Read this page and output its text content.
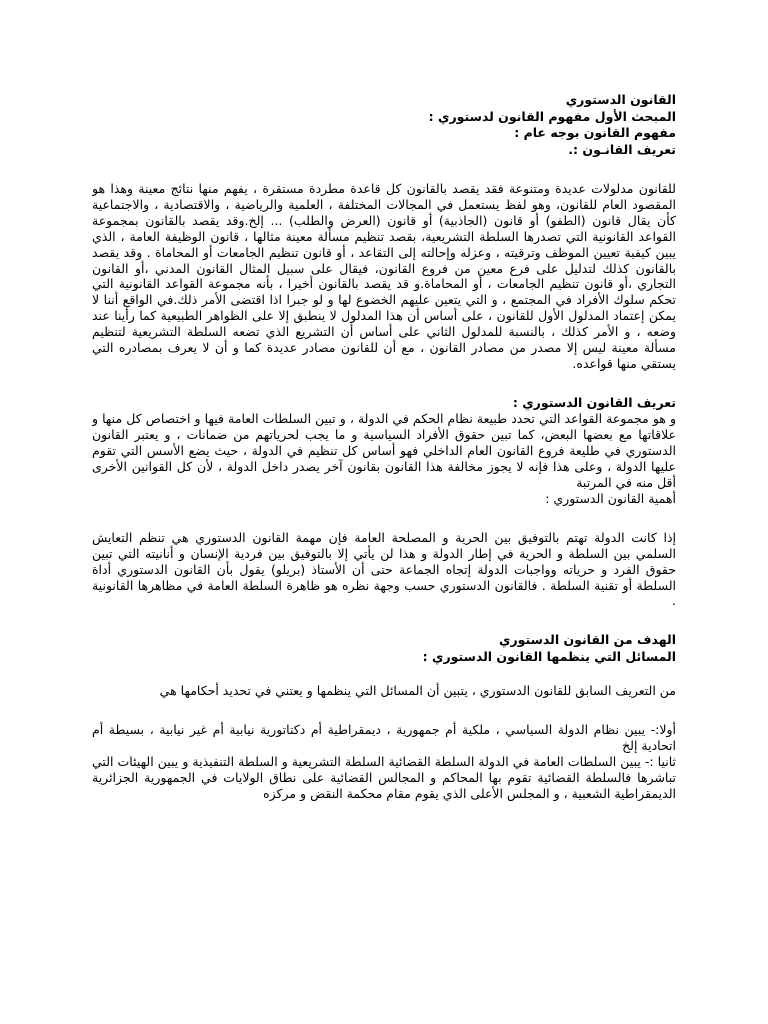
القانون الدستوري

المبحث الأول مفهوم القانون لدستوري :

مفهوم القانون بوجه عام :

تعريف القانـون :.

للقانون مدلولات عديدة ومتنوعة فقد يقصد بالقانون كل قاعدة مطردة مستقرة ، يفهم منها نتائج معينة وهذا هو المقصود العام للقانون، وهو لفظ يستعمل في المجالات المختلفة ، العلمية والرياضية ، والاقتصادية ، والاجتماعية كأن يقال قانون (الطفو) أو قانون (الجاذبية) أو قانون (العرض والطلب) ... إلخ.وقد يقصد بالقانون بمجموعة القواعد القانونية التي تصدرها السلطة التشريعية، بقصد تنظيم مسألة معينة مثالها ، قانون الوظيفة العامة ، الذي يبين كيفية تعيين الموظف وترقيته ، وعزله وإحالته إلى التقاعد ، أو قانون تنظيم الجامعات أو المحاماة . وقد يقصد بالقانون كذلك لتدليل على فرع معين من فروع القانون، فيقال على سبيل المثال القانون المدني ،أو القانون التجاري ،أو قانون تنظيم الجامعات ، أو المحاماة.و قد يقصد بالقانون أخيرا ، بأنه مجموعة القواعد القانونية التي تحكم سلوك الأفراد في المجتمع ، و التي يتعين عليهم الخضوع لها و لو جبرا اذا اقتضى الأمر ذلك.في الواقع أننا لا يمكن إعتماد المدلول الأول للقانون ، على أساس أن هذا المدلول لا ينطبق إلا على الظواهر الطبيعية كما رأينا عند وضعه ، و الأمر كذلك ، بالنسبة للمدلول الثاني على أساس أن التشريع الذي تضعه السلطة التشريعية لتنظيم مسألة معينة ليس إلا مصدر من مصادر القانون ، مع أن للقانون مصادر عديدة كما و أن لا يعرف بمصادره التي يستقي منها قواعده.

تعريف القانون الدستوري :

و هو مجموعة القواعد التي تحدد طبيعة نظام الحكم في الدولة ، و تبين السلطات العامة فيها و اختصاص كل منها و علاقاتها مع بعضها البعض، كما تبين حقوق الأفراد السياسية و ما يجب لحرياتهم من ضمانات ، و يعتبر القانون الدستوري في طليعة فروع القانون العام الداخلي فهو أساس كل تنظيم في الدولة ، حيث يضع الأسس التي تقوم عليها الدولة ، وعلى هذا فإنه لا يجوز مخالفة هذا القانون بقانون آخر يصدر داخل الدولة ، لأن كل القوانين الأخرى أقل منه في المرتبة

أهمية القانون الدستوري :

إذا كانت الدولة تهتم بالتوفيق بين الحرية و المصلحة العامة فإن مهمة القانون الدستوري هي تنظم التعايش السلمي بين السلطة و الحرية في إطار الدولة و هذا لن يأتي إلا بالتوفيق بين فردية الإنسان و أنانيته التي تبين حقوق الفرد و حرياته وواجبات الدولة إتجاه الجماعة حتى أن الأستاذ (بريلو) يقول بأن القانون الدستوري أداة السلطة أو تقنية السلطة . فالقانون الدستوري حسب وجهة نظره هو ظاهرة السلطة العامة في مظاهرها القانونية .

الهدف من القانون الدستوري

المسائل التي ينظمها القانون الدستوري :

من التعريف السابق للقانون الدستوري ، يتبين أن المسائل التي ينظمها و يعتني في تحديد أحكامها هي

أولا:- يبين نظام الدولة السياسي ، ملكية أم جمهورية ، ديمقراطية أم دكتاتورية نيابية أم غير نيابية ، بسيطة أم اتحادية إلخ

ثانيا :- يبين السلطات العامة في الدولة السلطة القضائية السلطة التشريعية و السلطة التنفيذية و يبين الهيئات التي تباشرها فالسلطة القضائية تقوم بها المحاكم و المجالس القضائية على نطاق الولايات في الجمهورية الجزائرية الديمقراطية الشعبية ، و المجلس الأعلى الذي يقوم مقام محكمة النقض و مركزه
